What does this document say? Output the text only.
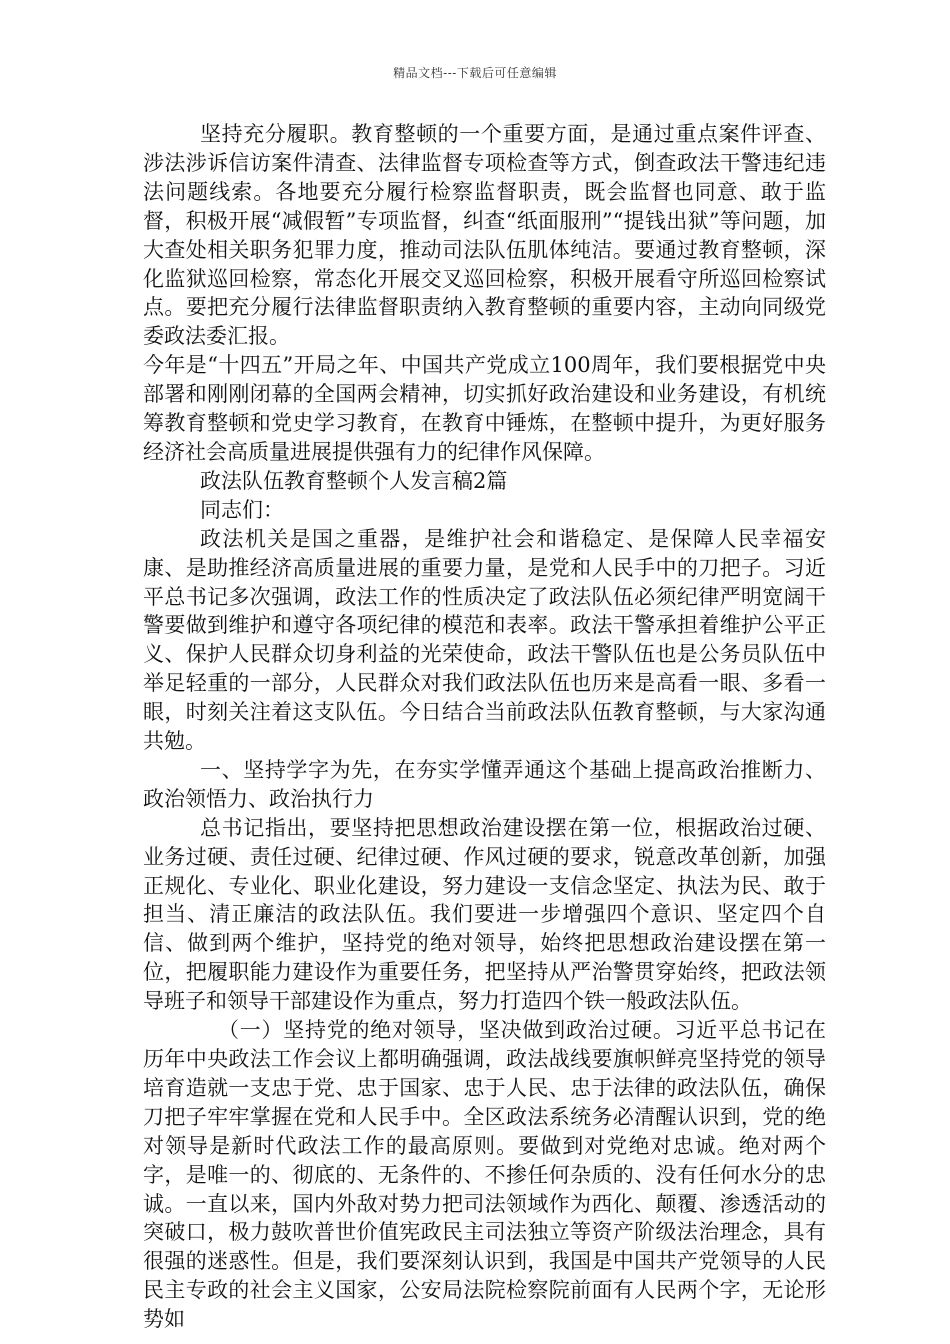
精品文档---下载后可任意编辑

坚持充分履职。教育整顿的一个重要方面，是通过重点案件评查、涉法涉诉信访案件清查、法律监督专项检查等方式，倒查政法干警违纪违法问题线索。各地要充分履行检察监督职责，既会监督也同意、敢于监督，积极开展“减假暂”专项监督，纠查“纸面服刑”“提钱出狱”等问题，加大查处相关职务犯罪力度，推动司法队伍肌体纯洁。要通过教育整顿，深化监狱巡回检察，常态化开展交叉巡回检察，积极开展看守所巡回检察试点。要把充分履行法律监督职责纳入教育整顿的重要内容，主动向同级党委政法委汇报。

今年是“十四五”开局之年、中国共产党成立100周年，我们要根据党中央部署和刚刚闭幕的全国两会精神，切实抓好政治建设和业务建设，有机统筹教育整顿和党史学习教育，在教育中锤炼，在整顿中提升，为更好服务经济社会高质量进展提供强有力的纪律作风保障。

政法队伍教育整顿个人发言稿2篇

同志们：

政法机关是国之重器，是维护社会和谐稳定、是保障人民幸福安康、是助推经济高质量进展的重要力量，是党和人民手中的刀把子。习近平总书记多次强调，政法工作的性质决定了政法队伍必须纪律严明宽阔干警要做到维护和遵守各项纪律的模范和表率。政法干警承担着维护公平正义、保护人民群众切身利益的光荣使命，政法干警队伍也是公务员队伍中举足轻重的一部分，人民群众对我们政法队伍也历来是高看一眼、多看一眼，时刻关注着这支队伍。今日结合当前政法队伍教育整顿，与大家沟通共勉。

一、坚持学字为先，在夯实学懂弄通这个基础上提高政治推断力、政治领悟力、政治执行力

总书记指出，要坚持把思想政治建设摆在第一位，根据政治过硬、业务过硬、责任过硬、纪律过硬、作风过硬的要求，锐意改革创新，加强正规化、专业化、职业化建设，努力建设一支信念坚定、执法为民、敢于担当、清正廉洁的政法队伍。我们要进一步增强四个意识、坚定四个自信、做到两个维护，坚持党的绝对领导，始终把思想政治建设摆在第一位，把履职能力建设作为重要任务，把坚持从严治警贯穿始终，把政法领导班子和领导干部建设作为重点，努力打造四个铁一般政法队伍。

（一）坚持党的绝对领导，坚决做到政治过硬。习近平总书记在历年中央政法工作会议上都明确强调，政法战线要旗帜鲜亮坚持党的领导培育造就一支忠于党、忠于国家、忠于人民、忠于法律的政法队伍，确保刀把子牢牢掌握在党和人民手中。全区政法系统务必清醒认识到，党的绝对领导是新时代政法工作的最高原则。要做到对党绝对忠诚。绝对两个字，是唯一的、彻底的、无条件的、不掺任何杂质的、没有任何水分的忠诚。一直以来，国内外敌对势力把司法领域作为西化、颠覆、渗透活动的突破口，极力鼓吹普世价值宪政民主司法独立等资产阶级法治理念，具有很强的迷惑性。但是，我们要深刻认识到，我国是中国共产党领导的人民民主专政的社会主义国家，公安局法院检察院前面有人民两个字，无论形势如
